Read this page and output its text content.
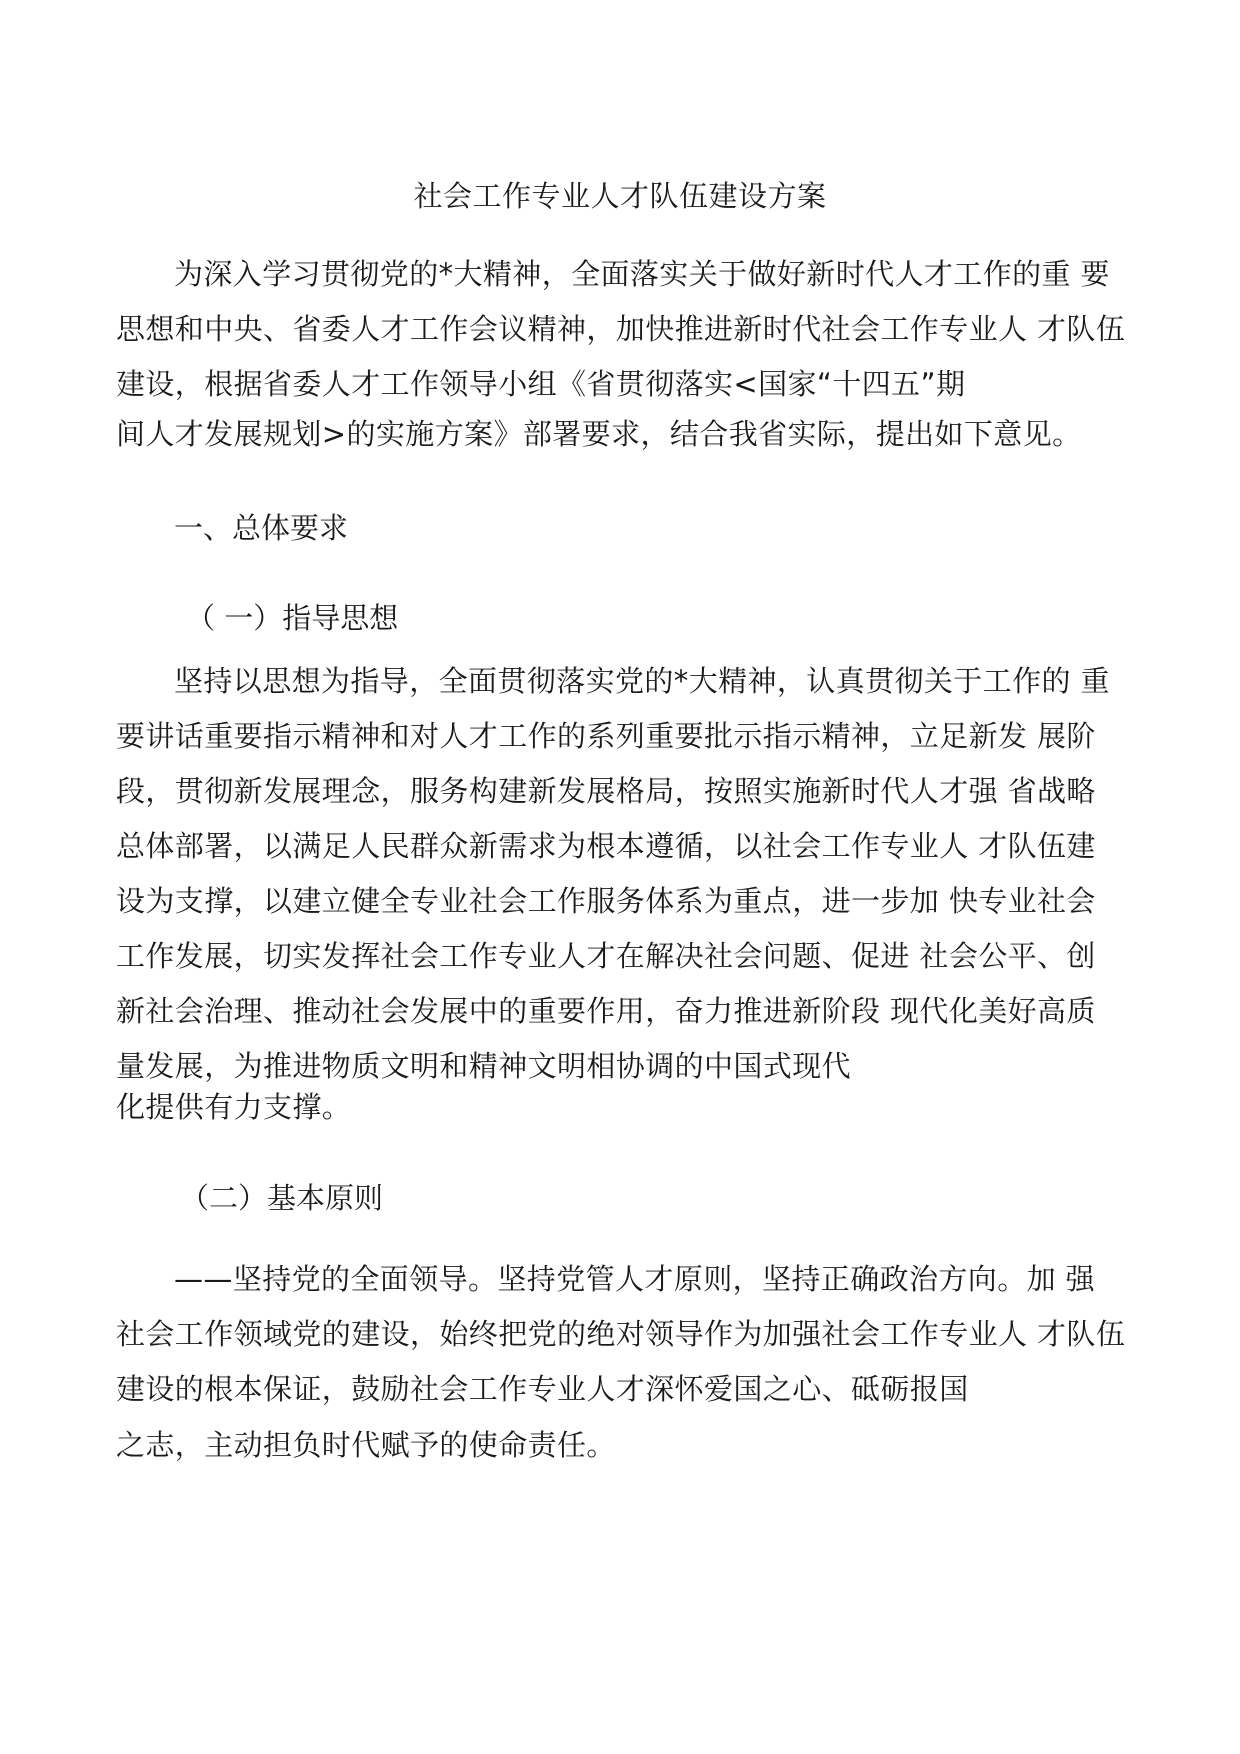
社会工作专业人才队伍建设方案
为深入学习贯彻党的*大精神，全面落实关于做好新时代人才工作的重 要
思想和中央、省委人才工作会议精神，加快推进新时代社会工作专业人 才队伍
建设，根据省委人才工作领导小组《省贯彻落实<国家“十四五”期
间人才发展规划>的实施方案》部署要求，结合我省实际，提出如下意见。
一、总体要求
（ 一）指导思想
坚持以思想为指导，全面贯彻落实党的*大精神，认真贯彻关于工作的 重
要讲话重要指示精神和对人才工作的系列重要批示指示精神，立足新发 展阶
段，贯彻新发展理念，服务构建新发展格局，按照实施新时代人才强 省战略
总体部署，以满足人民群众新需求为根本遵循，以社会工作专业人 才队伍建
设为支撑，以建立健全专业社会工作服务体系为重点，进一步加 快专业社会
工作发展，切实发挥社会工作专业人才在解决社会问题、促进 社会公平、创
新社会治理、推动社会发展中的重要作用，奋力推进新阶段 现代化美好高质
量发展，为推进物质文明和精神文明相协调的中国式现代
化提供有力支撑。
（二）基本原则
——坚持党的全面领导。坚持党管人才原则，坚持正确政治方向。加 强
社会工作领域党的建设，始终把党的绝对领导作为加强社会工作专业人 才队伍
建设的根本保证，鼓励社会工作专业人才深怀爱国之心、砥砺报国
之志，主动担负时代赋予的使命责任。
